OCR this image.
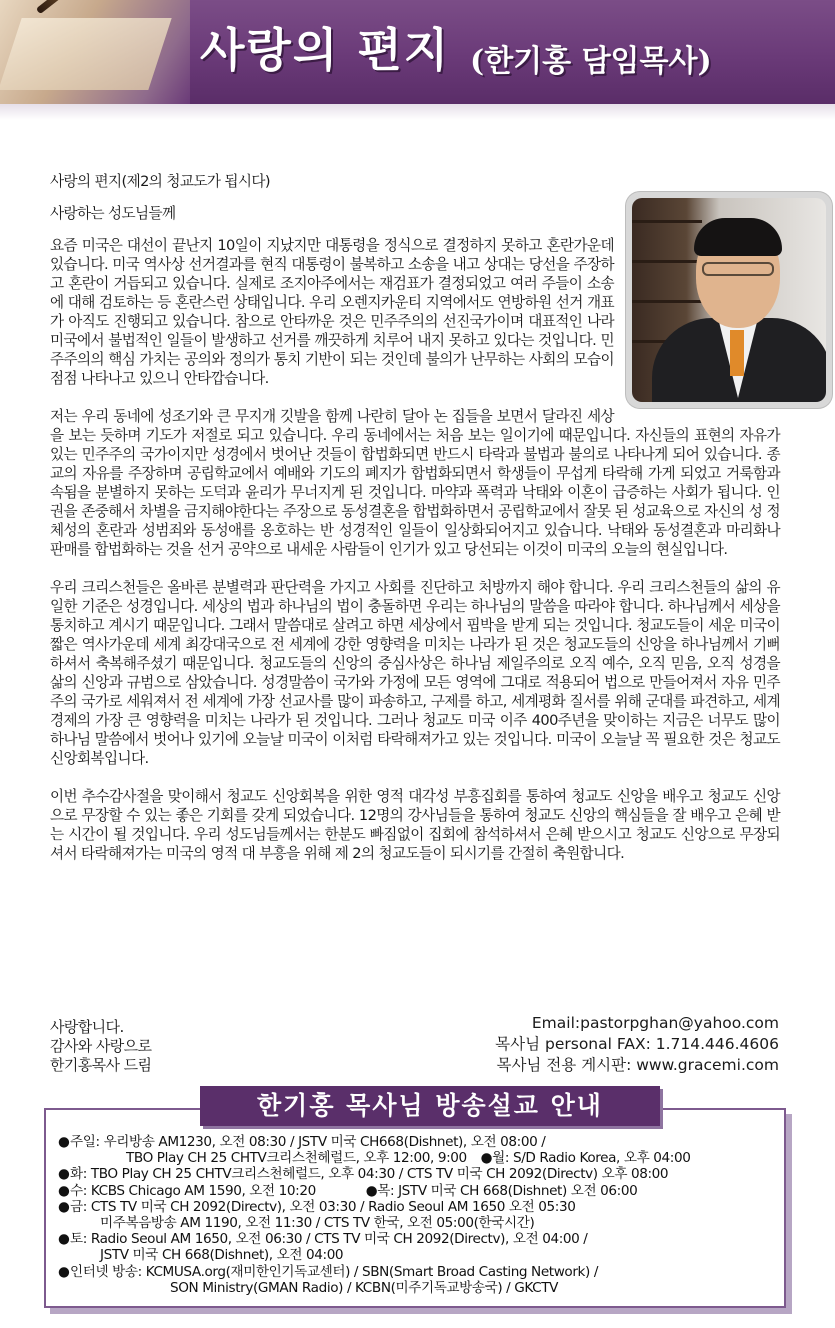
사랑의 편지 (한기홍 담임목사)

사랑의 편지(제2의 청교도가 됩시다)

사랑하는 성도님들께

요즘 미국은 대선이 끝난지 10일이 지났지만 대통령을 정식으로 결정하지 못하고 혼란가운데 있습니다. 미국 역사상 선거결과를 현직 대통령이 불복하고 소송을 내고 상대는 당선을 주장하고 혼란이 거듭되고 있습니다. 실제로 조지아주에서는 재검표가 결정되었고 여러 주들이 소송에 대해 검토하는 등 혼란스런 상태입니다. 우리 오렌지카운티 지역에서도 연방하원 선거 개표가 아직도 진행되고 있습니다. 참으로 안타까운 것은 민주주의의 선진국가이며 대표적인 나라 미국에서 불법적인 일들이 발생하고 선거를 깨끗하게 치루어 내지 못하고 있다는 것입니다. 민주주의의 핵심 가치는 공의와 정의가 통치 기반이 되는 것인데 불의가 난무하는 사회의 모습이 점점 나타나고 있으니 안타깝습니다.

저는 우리 동네에 성조기와 큰 무지개 깃발을 함께 나란히 달아 논 집들을 보면서 달라진 세상을 보는 듯하며 기도가 저절로 되고 있습니다. 우리 동네에서는 처음 보는 일이기에 때문입니다. 자신들의 표현의 자유가 있는 민주주의 국가이지만 성경에서 벗어난 것들이 합법화되면 반드시 타락과 불법과 불의로 나타나게 되어 있습니다. 종교의 자유를 주장하며 공립학교에서 예배와 기도의 폐지가 합법화되면서 학생들이 무섭게 타락해 가게 되었고 거룩함과 속됨을 분별하지 못하는 도덕과 윤리가 무너지게 된 것입니다. 마약과 폭력과 낙태와 이혼이 급증하는 사회가 됩니다. 인권을 존중해서 차별을 금지해야한다는 주장으로 동성결혼을 합법화하면서 공립학교에서 잘못 된 성교육으로 자신의 성 정체성의 혼란과 성범죄와 동성애를 옹호하는 반 성경적인 일들이 일상화되어지고 있습니다. 낙태와 동성결혼과 마리화나 판매를 합법화하는 것을 선거 공약으로 내세운 사람들이 인기가 있고 당선되는 이것이 미국의 오늘의 현실입니다.

우리 크리스천들은 올바른 분별력과 판단력을 가지고 사회를 진단하고 처방까지 해야 합니다. 우리 크리스천들의 삶의 유일한 기준은 성경입니다. 세상의 법과 하나님의 법이 충돌하면 우리는 하나님의 말씀을 따라야 합니다. 하나님께서 세상을 통치하고 계시기 때문입니다. 그래서 말씀대로 살려고 하면 세상에서 핍박을 받게 되는 것입니다. 청교도들이 세운 미국이 짧은 역사가운데 세계 최강대국으로 전 세계에 강한 영향력을 미치는 나라가 된 것은 청교도들의 신앙을 하나님께서 기뻐하셔서 축복해주셨기 때문입니다. 청교도들의 신앙의 중심사상은 하나님 제일주의로 오직 예수, 오직 믿음, 오직 성경을 삶의 신앙과 규범으로 삼았습니다. 성경말씀이 국가와 가정에 모든 영역에 그대로 적용되어 법으로 만들어져서 자유 민주주의 국가로 세워져서 전 세계에 가장 선교사를 많이 파송하고, 구제를 하고, 세계평화 질서를 위해 군대를 파견하고, 세계 경제의 가장 큰 영향력을 미치는 나라가 된 것입니다. 그러나 청교도 미국 이주 400주년을 맞이하는 지금은 너무도 많이 하나님 말씀에서 벗어나 있기에 오늘날 미국이 이처럼 타락해져가고 있는 것입니다. 미국이 오늘날 꼭 필요한 것은 청교도 신앙회복입니다.

이번 추수감사절을 맞이해서 청교도 신앙회복을 위한 영적 대각성 부흥집회를 통하여 청교도 신앙을 배우고 청교도 신앙으로 무장할 수 있는 좋은 기회를 갖게 되었습니다. 12명의 강사님들을 통하여 청교도 신앙의 핵심들을 잘 배우고 은혜 받는 시간이 될 것입니다. 우리 성도님들께서는 한분도 빠짐없이 집회에 참석하셔서 은혜 받으시고 청교도 신앙으로 무장되셔서 타락해져가는 미국의 영적 대 부흥을 위해 제 2의 청교도들이 되시기를 간절히 축원합니다.

사랑합니다.
감사와 사랑으로
한기홍목사 드림
Email:pastorpghan@yahoo.com
목사님 personal FAX: 1.714.446.4606
목사님 전용 게시판: www.gracemi.com
한기홍 목사님 방송설교 안내
● 주일: 우리방송 AM1230, 오전 08:30 / JSTV 미국 CH668(Dishnet), 오전 08:00 /
TBO Play CH 25 CHTV크리스천헤럴드, 오후 12:00, 9:00 ●월: S/D Radio Korea, 오후 04:00
● 화: TBO Play CH 25 CHTV크리스천헤럴드, 오후 04:30 / CTS TV 미국 CH 2092(Directv) 오후 08:00
● 수: KCBS Chicago AM 1590, 오전 10:20	●목: JSTV 미국 CH 668(Dishnet) 오전 06:00
● 금: CTS TV 미국 CH 2092(Directv), 오전 03:30 / Radio Seoul AM 1650 오전 05:30
미주복음방송 AM 1190, 오전 11:30 / CTS TV 한국, 오전 05:00(한국시간)
● 토: Radio Seoul AM 1650, 오전 06:30 / CTS TV 미국 CH 2092(Directv), 오전 04:00 /
JSTV 미국 CH 668(Dishnet), 오전 04:00
● 인터넷 방송: KCMUSA.org(재미한인기독교센터) / SBN(Smart Broad Casting Network) /
SON Ministry(GMAN Radio) / KCBN(미주기독교방송국) / GKCTV
